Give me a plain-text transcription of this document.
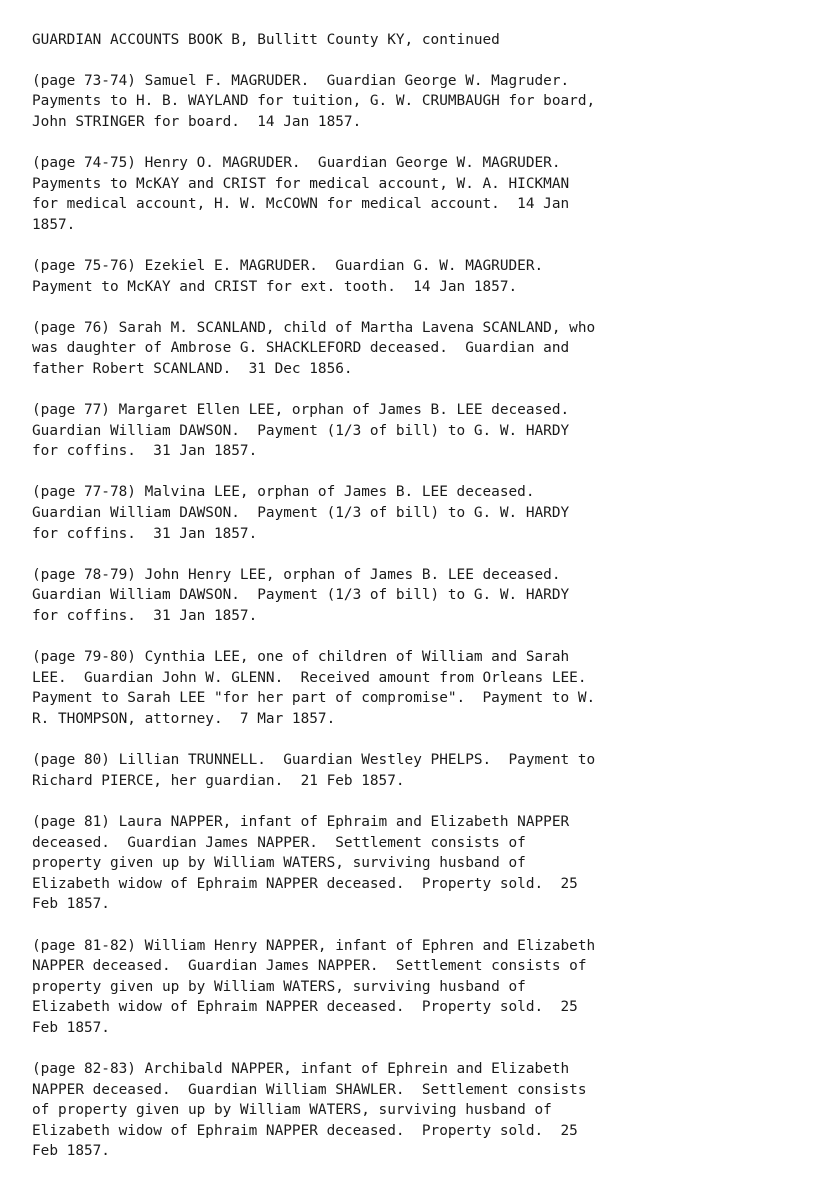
GUARDIAN ACCOUNTS BOOK B, Bullitt County KY, continued
(page 73-74) Samuel F. MAGRUDER.  Guardian George W. Magruder.
Payments to H. B. WAYLAND for tuition, G. W. CRUMBAUGH for board,
John STRINGER for board.  14 Jan 1857.
(page 74-75) Henry O. MAGRUDER.  Guardian George W. MAGRUDER.
Payments to McKAY and CRIST for medical account, W. A. HICKMAN
for medical account, H. W. McCOWN for medical account.  14 Jan
1857.
(page 75-76) Ezekiel E. MAGRUDER.  Guardian G. W. MAGRUDER.
Payment to McKAY and CRIST for ext. tooth.  14 Jan 1857.
(page 76) Sarah M. SCANLAND, child of Martha Lavena SCANLAND, who
was daughter of Ambrose G. SHACKLEFORD deceased.  Guardian and
father Robert SCANLAND.  31 Dec 1856.
(page 77) Margaret Ellen LEE, orphan of James B. LEE deceased.
Guardian William DAWSON.  Payment (1/3 of bill) to G. W. HARDY
for coffins.  31 Jan 1857.
(page 77-78) Malvina LEE, orphan of James B. LEE deceased.
Guardian William DAWSON.  Payment (1/3 of bill) to G. W. HARDY
for coffins.  31 Jan 1857.
(page 78-79) John Henry LEE, orphan of James B. LEE deceased.
Guardian William DAWSON.  Payment (1/3 of bill) to G. W. HARDY
for coffins.  31 Jan 1857.
(page 79-80) Cynthia LEE, one of children of William and Sarah
LEE.  Guardian John W. GLENN.  Received amount from Orleans LEE.
Payment to Sarah LEE "for her part of compromise".  Payment to W.
R. THOMPSON, attorney.  7 Mar 1857.
(page 80) Lillian TRUNNELL.  Guardian Westley PHELPS.  Payment to
Richard PIERCE, her guardian.  21 Feb 1857.
(page 81) Laura NAPPER, infant of Ephraim and Elizabeth NAPPER
deceased.  Guardian James NAPPER.  Settlement consists of
property given up by William WATERS, surviving husband of
Elizabeth widow of Ephraim NAPPER deceased.  Property sold.  25
Feb 1857.
(page 81-82) William Henry NAPPER, infant of Ephren and Elizabeth
NAPPER deceased.  Guardian James NAPPER.  Settlement consists of
property given up by William WATERS, surviving husband of
Elizabeth widow of Ephraim NAPPER deceased.  Property sold.  25
Feb 1857.
(page 82-83) Archibald NAPPER, infant of Ephrein and Elizabeth
NAPPER deceased.  Guardian William SHAWLER.  Settlement consists
of property given up by William WATERS, surviving husband of
Elizabeth widow of Ephraim NAPPER deceased.  Property sold.  25
Feb 1857.
